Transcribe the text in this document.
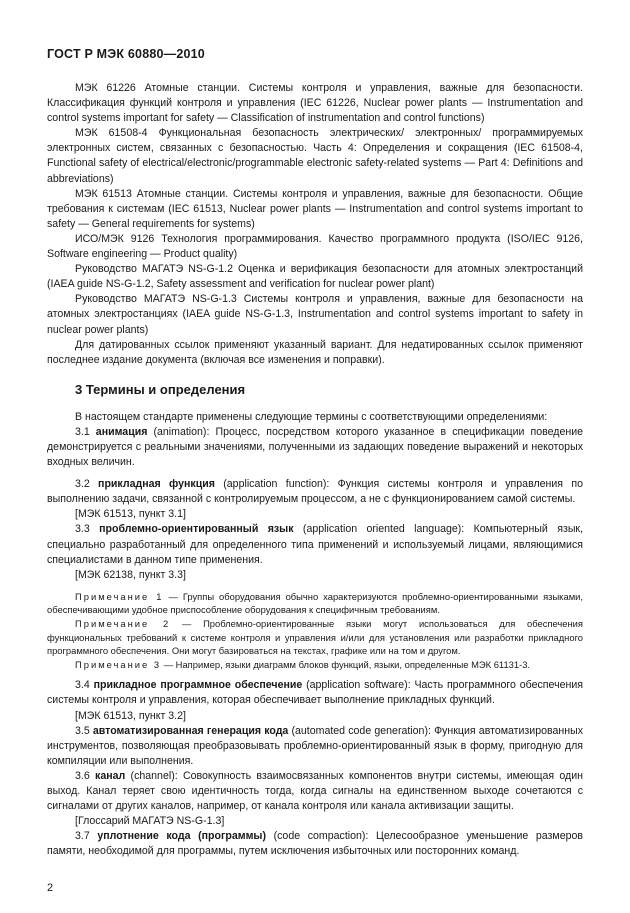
ГОСТ Р МЭК 60880—2010

МЭК 61226 Атомные станции. Системы контроля и управления, важные для безопасности. Классификация функций контроля и управления (IEC 61226, Nuclear power plants — Instrumentation and control systems important for safety — Classification of instrumentation and control functions)

МЭК 61508-4 Функциональная безопасность электрических/ электронных/ программируемых электронных систем, связанных с безопасностью. Часть 4: Определения и сокращения (IEC 61508-4, Functional safety of electrical/electronic/programmable electronic safety-related systems — Part 4: Definitions and abbreviations)

МЭК 61513 Атомные станции. Системы контроля и управления, важные для безопасности. Общие требования к системам (IEC 61513, Nuclear power plants — Instrumentation and control systems important to safety — General requirements for systems)

ИСО/МЭК 9126 Технология программирования. Качество программного продукта (ISO/IEC 9126, Software engineering — Product quality)

Руководство МАГАТЭ NS-G-1.2 Оценка и верификация безопасности для атомных электростанций (IAEA guide NS-G-1.2, Safety assessment and verification for nuclear power plant)

Руководство МАГАТЭ NS-G-1.3 Системы контроля и управления, важные для безопасности на атомных электростанциях (IAEA guide NS-G-1.3, Instrumentation and control systems important to safety in nuclear power plants)

Для датированных ссылок применяют указанный вариант. Для недатированных ссылок применяют последнее издание документа (включая все изменения и поправки).

3 Термины и определения

В настоящем стандарте применены следующие термины с соответствующими определениями:

3.1 анимация (animation): Процесс, посредством которого указанное в спецификации поведение демонстрируется с реальными значениями, полученными из задающих поведение выражений и некоторых входных величин.

3.2 прикладная функция (application function): Функция системы контроля и управления по выполнению задачи, связанной с контролируемым процессом, а не с функционированием самой системы.

[МЭК 61513, пункт 3.1]

3.3 проблемно-ориентированный язык (application oriented language): Компьютерный язык, специально разработанный для определенного типа применений и используемый лицами, являющимися специалистами в данном типе применения.

[МЭК 62138, пункт 3.3]

Примечание 1 — Группы оборудования обычно характеризуются проблемно-ориентированными языками, обеспечивающими удобное приспособление оборудования к специфичным требованиям.

Примечание 2 — Проблемно-ориентированные языки могут использоваться для обеспечения функциональных требований к системе контроля и управления и/или для установления или разработки прикладного программного обеспечения. Они могут базироваться на текстах, графике или на том и другом.

Примечание 3 — Например, языки диаграмм блоков функций, языки, определенные МЭК 61131-3.

3.4 прикладное программное обеспечение (application software): Часть программного обеспечения системы контроля и управления, которая обеспечивает выполнение прикладных функций.

[МЭК 61513, пункт 3.2]

3.5 автоматизированная генерация кода (automated code generation): Функция автоматизированных инструментов, позволяющая преобразовывать проблемно-ориентированный язык в форму, пригодную для компиляции или выполнения.

3.6 канал (channel): Совокупность взаимосвязанных компонентов внутри системы, имеющая один выход. Канал теряет свою идентичность тогда, когда сигналы на единственном выходе сочетаются с сигналами от других каналов, например, от канала контроля или канала активизации защиты.

[Глоссарий МАГАТЭ NS-G-1.3]

3.7 уплотнение кода (программы) (code compaction): Целесообразное уменьшение размеров памяти, необходимой для программы, путем исключения избыточных или посторонних команд.

2
